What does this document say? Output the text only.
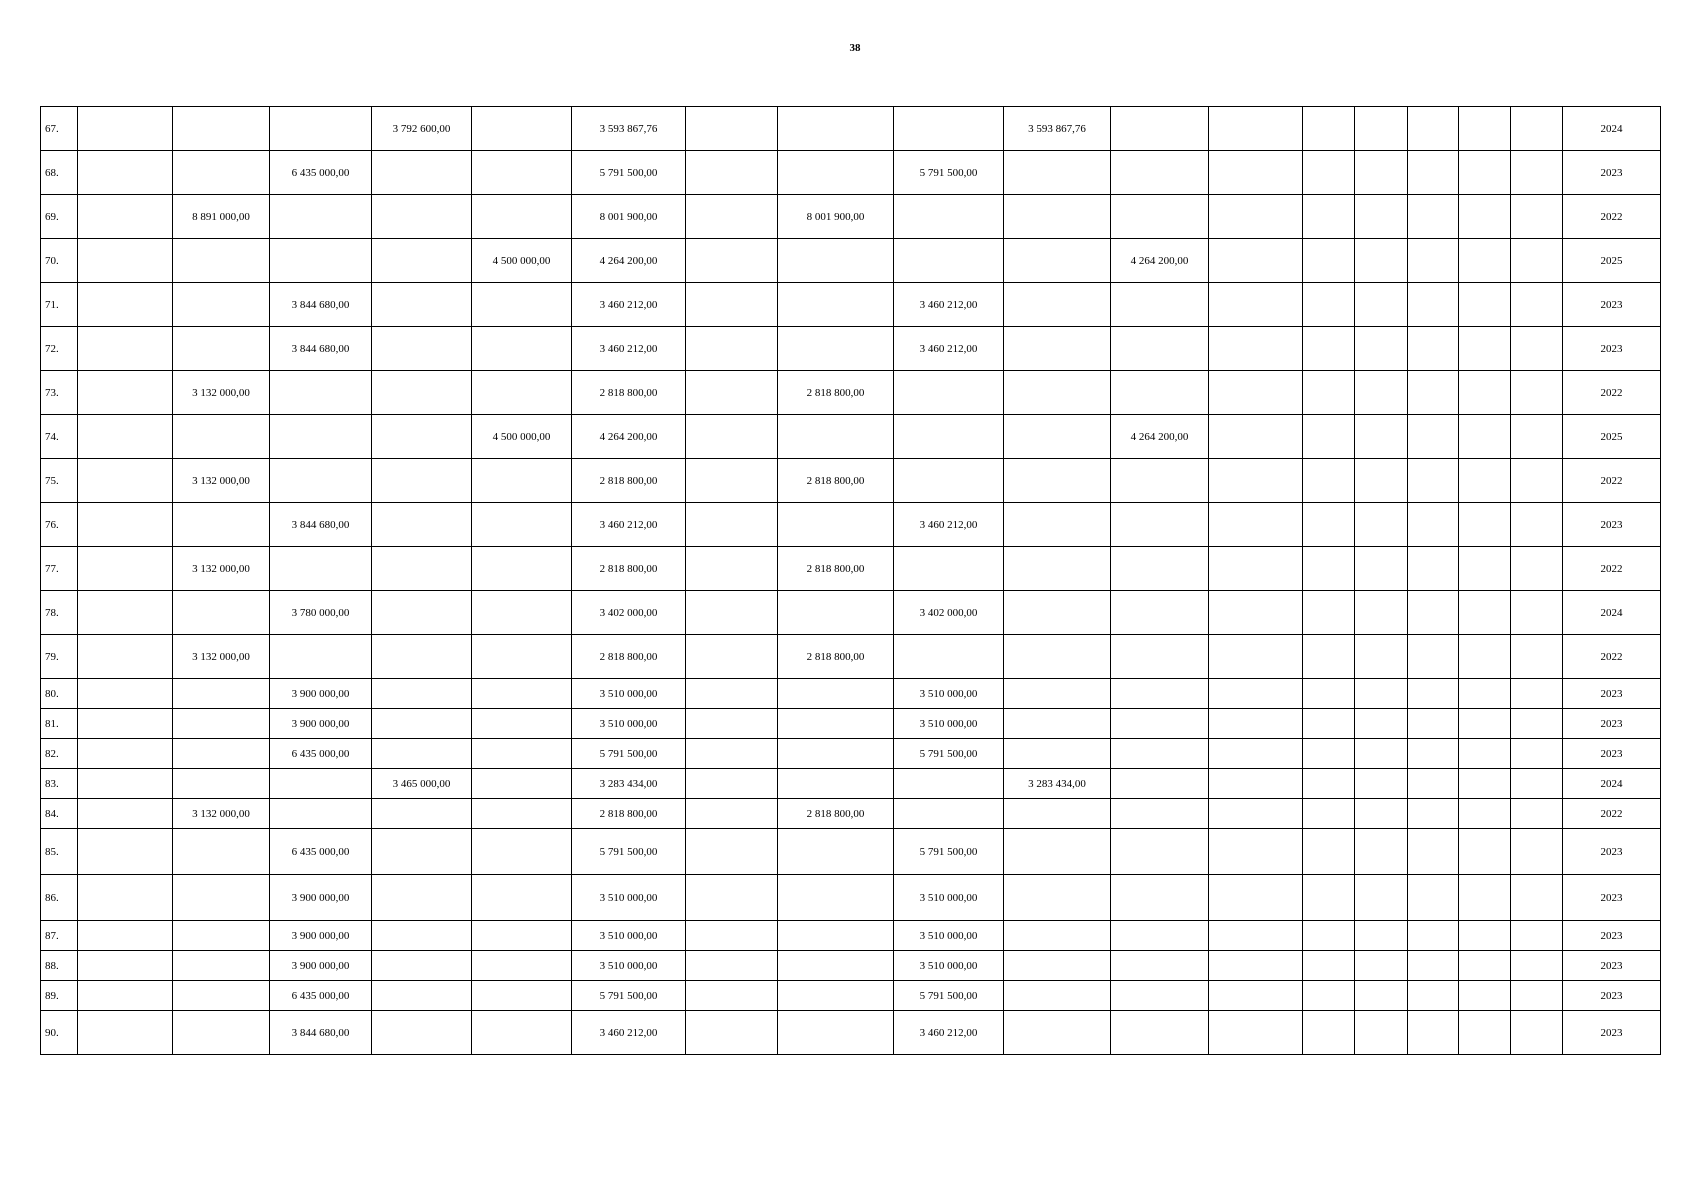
38
67.				3 792 600,00		3 593 867,76				3 593 867,76								2024
68.			6 435 000,00			5 791 500,00			5 791 500,00									2023
69.		8 891 000,00				8 001 900,00		8 001 900,00										2022
70.					4 500 000,00	4 264 200,00					4 264 200,00							2025
71.			3 844 680,00			3 460 212,00			3 460 212,00									2023
72.			3 844 680,00			3 460 212,00			3 460 212,00									2023
73.		3 132 000,00				2 818 800,00		2 818 800,00										2022
74.					4 500 000,00	4 264 200,00					4 264 200,00							2025
75.		3 132 000,00				2 818 800,00		2 818 800,00										2022
76.			3 844 680,00			3 460 212,00			3 460 212,00									2023
77.		3 132 000,00				2 818 800,00		2 818 800,00										2022
78.			3 780 000,00			3 402 000,00			3 402 000,00									2024
79.		3 132 000,00				2 818 800,00		2 818 800,00										2022
80.			3 900 000,00			3 510 000,00			3 510 000,00									2023
81.			3 900 000,00			3 510 000,00			3 510 000,00									2023
82.			6 435 000,00			5 791 500,00			5 791 500,00									2023
83.				3 465 000,00		3 283 434,00				3 283 434,00								2024
84.		3 132 000,00				2 818 800,00		2 818 800,00										2022
85.			6 435 000,00			5 791 500,00			5 791 500,00									2023
86.			3 900 000,00			3 510 000,00			3 510 000,00									2023
87.			3 900 000,00			3 510 000,00			3 510 000,00									2023
88.			3 900 000,00			3 510 000,00			3 510 000,00									2023
89.			6 435 000,00			5 791 500,00			5 791 500,00									2023
90.			3 844 680,00			3 460 212,00			3 460 212,00									2023
